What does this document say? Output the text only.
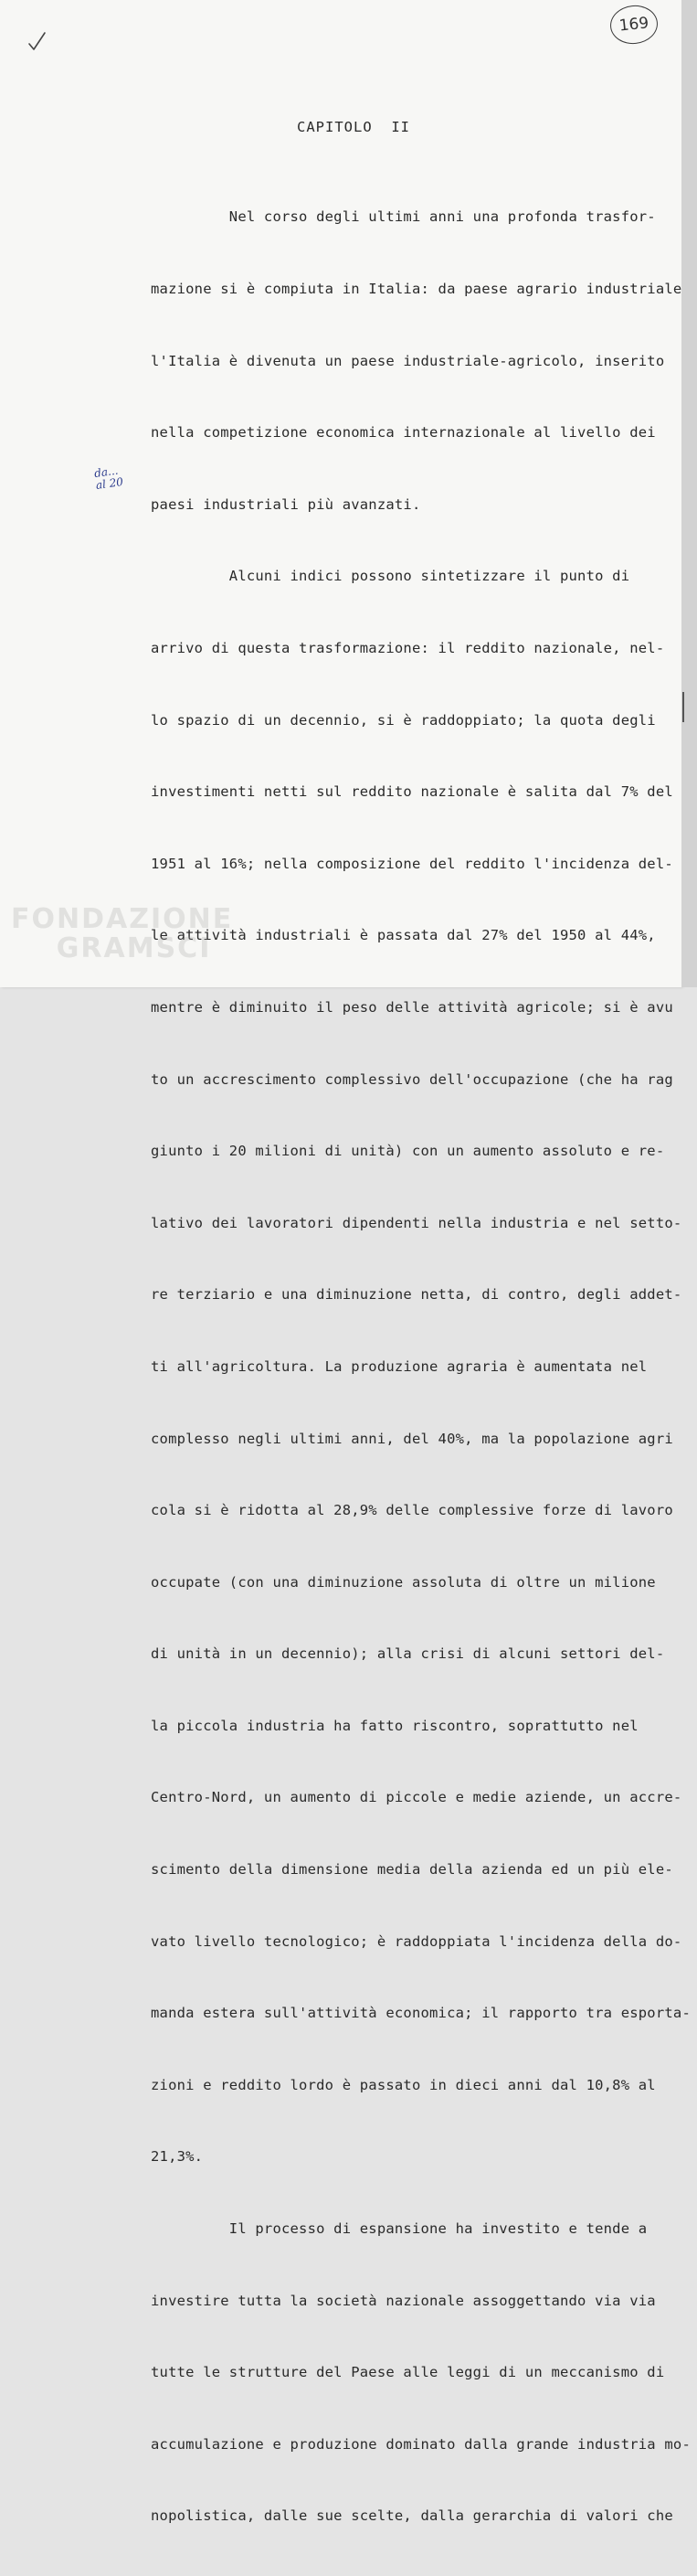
169
CAPITOLO  II
da...
al 20

Nel corso degli ultimi anni una profonda trasfor-

mazione si è compiuta in Italia: da paese agrario industriale

l'Italia è divenuta un paese industriale-agricolo, inserito

nella competizione economica internazionale al livello dei

paesi industriali più avanzati.

Alcuni indici possono sintetizzare il punto di

arrivo di questa trasformazione: il reddito nazionale, nel-

lo spazio di un decennio, si è raddoppiato; la quota degli

investimenti netti sul reddito nazionale è salita dal 7% del

1951 al 16%; nella composizione del reddito l'incidenza del-

le attività industriali è passata dal 27% del 1950 al 44%,

mentre è diminuito il peso delle attività agricole; si è avu

to un accrescimento complessivo dell'occupazione (che ha rag

giunto i 20 milioni di unità) con un aumento assoluto e re-

lativo dei lavoratori dipendenti nella industria e nel setto-

re terziario e una diminuzione netta, di contro, degli addet-

ti all'agricoltura. La produzione agraria è aumentata nel

complesso negli ultimi anni, del 40%, ma la popolazione agri

cola si è ridotta al 28,9% delle complessive forze di lavoro

occupate (con una diminuzione assoluta di oltre un milione

di unità in un decennio); alla crisi di alcuni settori del-

la piccola industria ha fatto riscontro, soprattutto nel

Centro-Nord, un aumento di piccole e medie aziende, un accre-

scimento della dimensione media della azienda ed un più ele-

vato livello tecnologico; è raddoppiata l'incidenza della do-

manda estera sull'attività economica; il rapporto tra esporta-

zioni e reddito lordo è passato in dieci anni dal 10,8% al

21,3%.

Il processo di espansione ha investito e tende a

investire tutta la società nazionale assoggettando via via

tutte le strutture del Paese alle leggi di un meccanismo di

accumulazione e produzione dominato dalla grande industria mo-

nopolistica, dalle sue scelte, dalla gerarchia di valori che

FONDAZIONE
GRAMSCI
